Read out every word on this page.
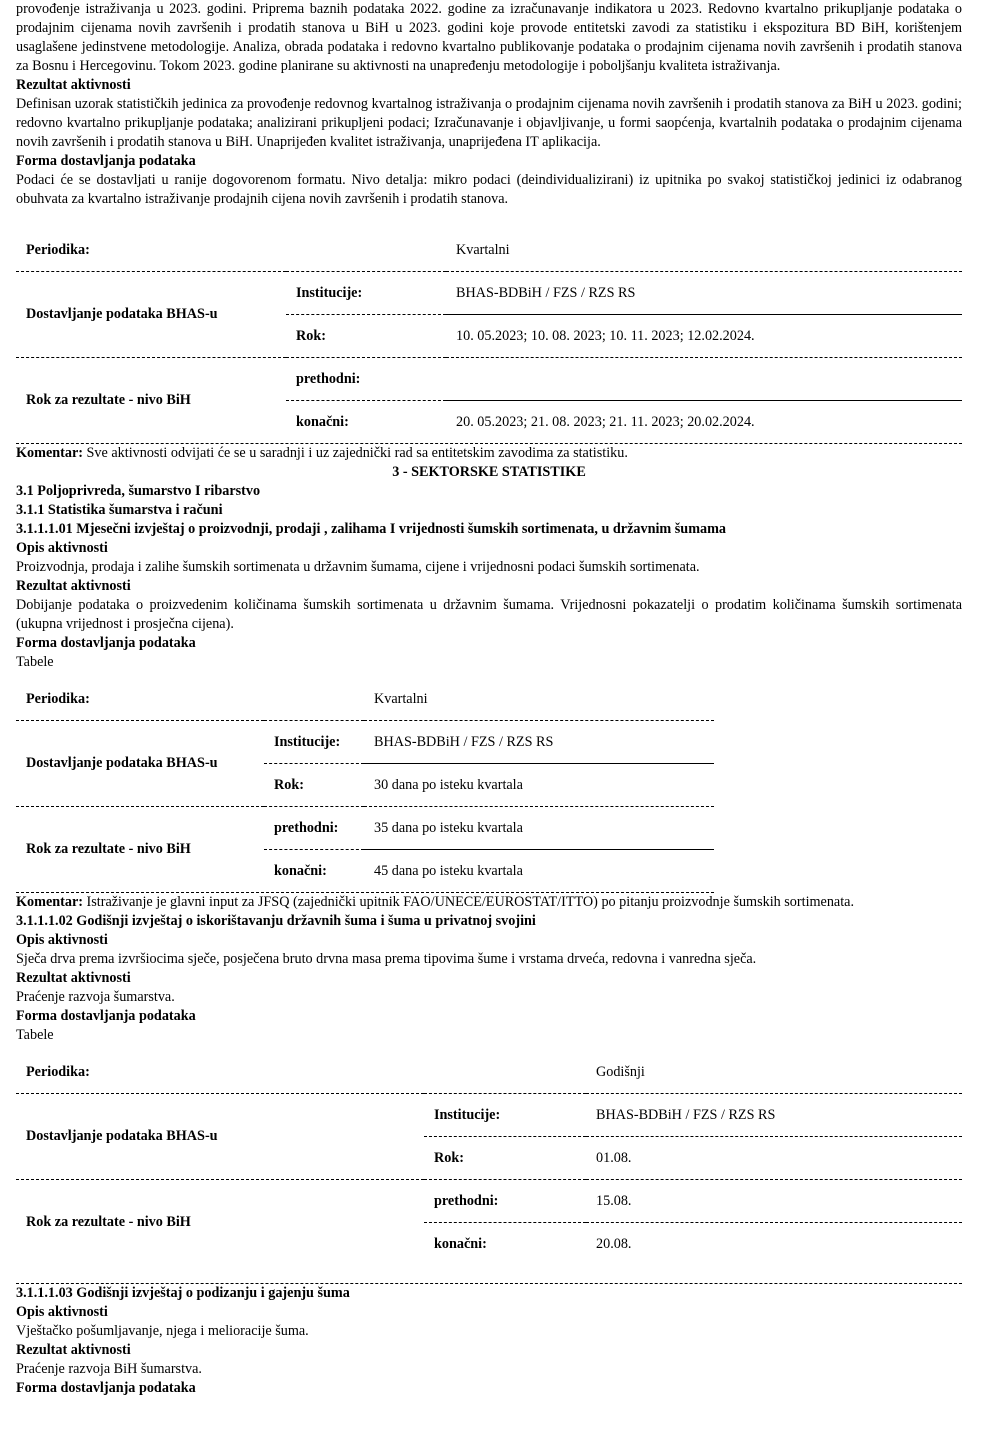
provođenje istraživanja u 2023. godini. Priprema baznih podataka 2022. godine za izračunavanje indikatora u 2023. Redovno kvartalno prikupljanje podataka o prodajnim cijenama novih završenih i prodatih stanova u BiH u 2023. godini koje provode entitetski zavodi za statistiku i ekspozitura BD BiH, korištenjem usaglašene jedinstvene metodologije. Analiza, obrada podataka i redovno kvartalno publikovanje podataka o prodajnim cijenama novih završenih i prodatih stanova za Bosnu i Hercegovinu. Tokom 2023. godine planirane su aktivnosti na unapređenju metodologije i poboljšanju kvaliteta istraživanja.

Rezultat aktivnosti

Definisan uzorak statističkih jedinica za provođenje redovnog kvartalnog istraživanja o prodajnim cijenama novih završenih i prodatih stanova za BiH u 2023. godini; redovno kvartalno prikupljanje podataka; analizirani prikupljeni podaci; Izračunavanje i objavljivanje, u formi saopćenja, kvartalnih podataka o prodajnim cijenama novih završenih i prodatih stanova u BiH. Unaprijeđen kvalitet istraživanja, unaprijeđena IT aplikacija.

Forma dostavljanja podataka

Podaci će se dostavljati u ranije dogovorenom formatu. Nivo detalja: mikro podaci (deindividualizirani) iz upitnika po svakoj statističkoj jedinici iz odabranog obuhvata za kvartalno istraživanje prodajnih cijena novih završenih i prodatih stanova.

Periodika:		Kvartalni
Dostavljanje podataka BHAS-u	Institucije:	BHAS-BDBiH / FZS / RZS RS
	Rok:	10. 05.2023; 10. 08. 2023; 10. 11. 2023; 12.02.2024.
Rok za rezultate - nivo BiH	prethodni:	
	konačni:	20. 05.2023; 21. 08. 2023; 21. 11. 2023; 20.02.2024.

Komentar: Sve aktivnosti odvijati će se u saradnji i uz zajednički rad sa entitetskim zavodima za statistiku.

3 - SEKTORSKE STATISTIKE

3.1 Poljoprivreda, šumarstvo I ribarstvo

3.1.1 Statistika šumarstva i računi

3.1.1.1.01 Mjesečni izvještaj o proizvodnji, prodaji , zalihama I vrijednosti šumskih sortimenata, u državnim šumama

Opis aktivnosti

Proizvodnja, prodaja i zalihe šumskih sortimenata u državnim šumama, cijene i vrijednosni podaci šumskih sortimenata.

Rezultat aktivnosti

Dobijanje podataka o proizvedenim količinama šumskih sortimenata u državnim šumama. Vrijednosni pokazatelji o prodatim količinama šumskih sortimenata (ukupna vrijednost i prosječna cijena).

Forma dostavljanja podataka

Tabele

Periodika:		Kvartalni
Dostavljanje podataka BHAS-u	Institucije:	BHAS-BDBiH / FZS / RZS RS
	Rok:	30 dana po isteku kvartala
Rok za rezultate - nivo BiH	prethodni:	35 dana po isteku kvartala
	konačni:	45 dana po isteku kvartala

Komentar: Istraživanje je glavni input za JFSQ (zajednički upitnik FAO/UNECE/EUROSTAT/ITTO) po pitanju proizvodnje šumskih sortimenata.

3.1.1.1.02 Godišnji izvještaj o iskorištavanju državnih šuma i šuma u privatnoj svojini

Opis aktivnosti

Sječa drva prema izvršiocima sječe, posječena bruto drvna masa prema tipovima šume i vrstama drveća, redovna i vanredna sječa.

Rezultat aktivnosti

Praćenje razvoja šumarstva.

Forma dostavljanja podataka

Tabele

Periodika:		Godišnji
Dostavljanje podataka BHAS-u	Institucije:	BHAS-BDBiH / FZS / RZS RS
	Rok:	01.08.
Rok za rezultate - nivo BiH	prethodni:	15.08.
	konačni:	20.08.

3.1.1.1.03 Godišnji izvještaj o podizanju i gajenju šuma

Opis aktivnosti

Vještačko pošumljavanje, njega i melioracije šuma.

Rezultat aktivnosti

Praćenje razvoja BiH šumarstva.

Forma dostavljanja podataka
